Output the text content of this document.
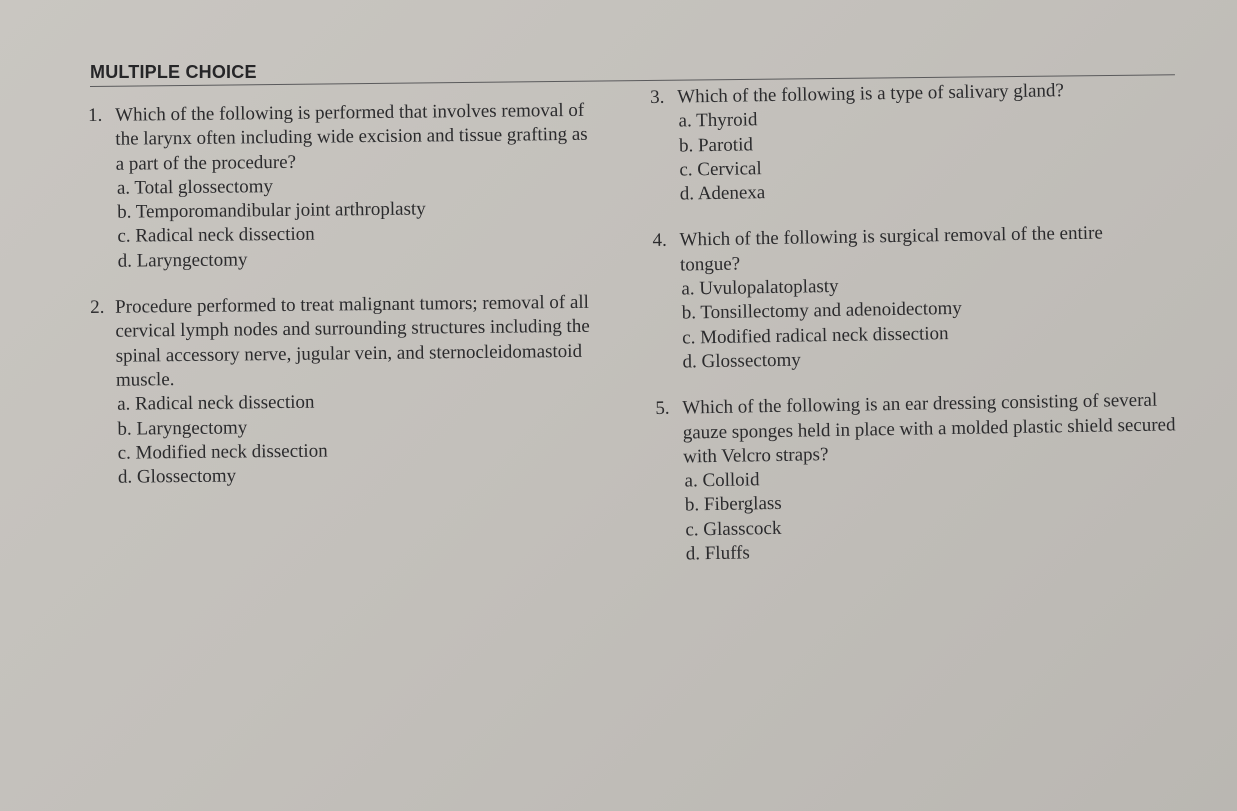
MULTIPLE CHOICE
1. Which of the following is performed that involves removal of the larynx often including wide excision and tissue grafting as a part of the procedure?
a. Total glossectomy
b. Temporomandibular joint arthroplasty
c. Radical neck dissection
d. Laryngectomy
2. Procedure performed to treat malignant tumors; removal of all cervical lymph nodes and surrounding structures including the spinal accessory nerve, jugular vein, and sternocleidomastoid muscle.
a. Radical neck dissection
b. Laryngectomy
c. Modified neck dissection
d. Glossectomy
3. Which of the following is a type of salivary gland?
a. Thyroid
b. Parotid
c. Cervical
d. Adenexa
4. Which of the following is surgical removal of the entire tongue?
a. Uvulopalatoplasty
b. Tonsillectomy and adenoidectomy
c. Modified radical neck dissection
d. Glossectomy
5. Which of the following is an ear dressing consisting of several gauze sponges held in place with a molded plastic shield secured with Velcro straps?
a. Colloid
b. Fiberglass
c. Glasscock
d. Fluffs
